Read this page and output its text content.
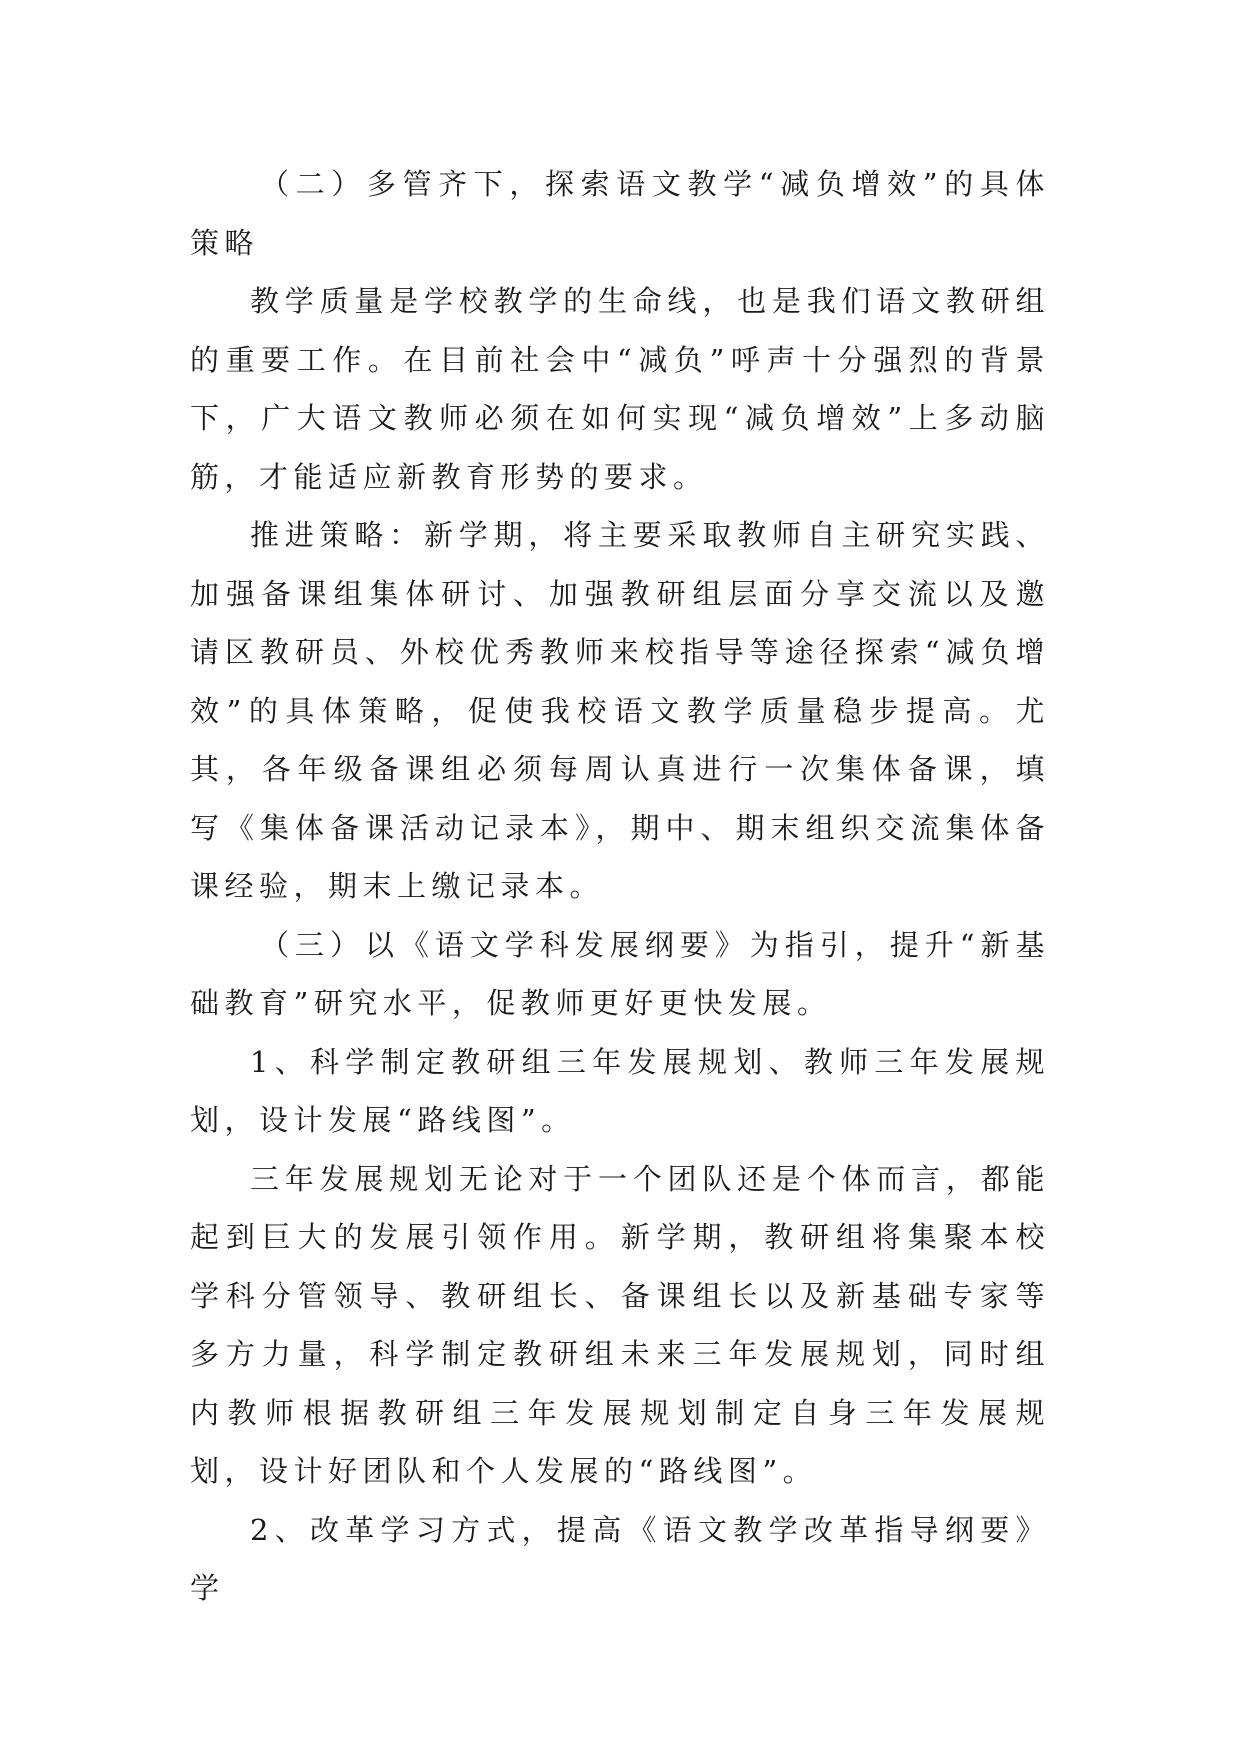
（二）多管齐下，探索语文教学“减负增效”的具体策略

教学质量是学校教学的生命线，也是我们语文教研组的重要工作。在目前社会中“减负”呼声十分强烈的背景下，广大语文教师必须在如何实现“减负增效”上多动脑筋，才能适应新教育形势的要求。

推进策略：新学期，将主要采取教师自主研究实践、加强备课组集体研讨、加强教研组层面分享交流以及邀请区教研员、外校优秀教师来校指导等途径探索“减负增效”的具体策略，促使我校语文教学质量稳步提高。尤其，各年级备课组必须每周认真进行一次集体备课，填写《集体备课活动记录本》，期中、期末组织交流集体备课经验，期末上缴记录本。

（三）以《语文学科发展纲要》为指引，提升“新基础教育”研究水平，促教师更好更快发展。

1、科学制定教研组三年发展规划、教师三年发展规划，设计发展“路线图”。

三年发展规划无论对于一个团队还是个体而言，都能起到巨大的发展引领作用。新学期，教研组将集聚本校学科分管领导、教研组长、备课组长以及新基础专家等多方力量，科学制定教研组未来三年发展规划，同时组内教师根据教研组三年发展规划制定自身三年发展规划，设计好团队和个人发展的“路线图”。

2、改革学习方式，提高《语文教学改革指导纲要》学
